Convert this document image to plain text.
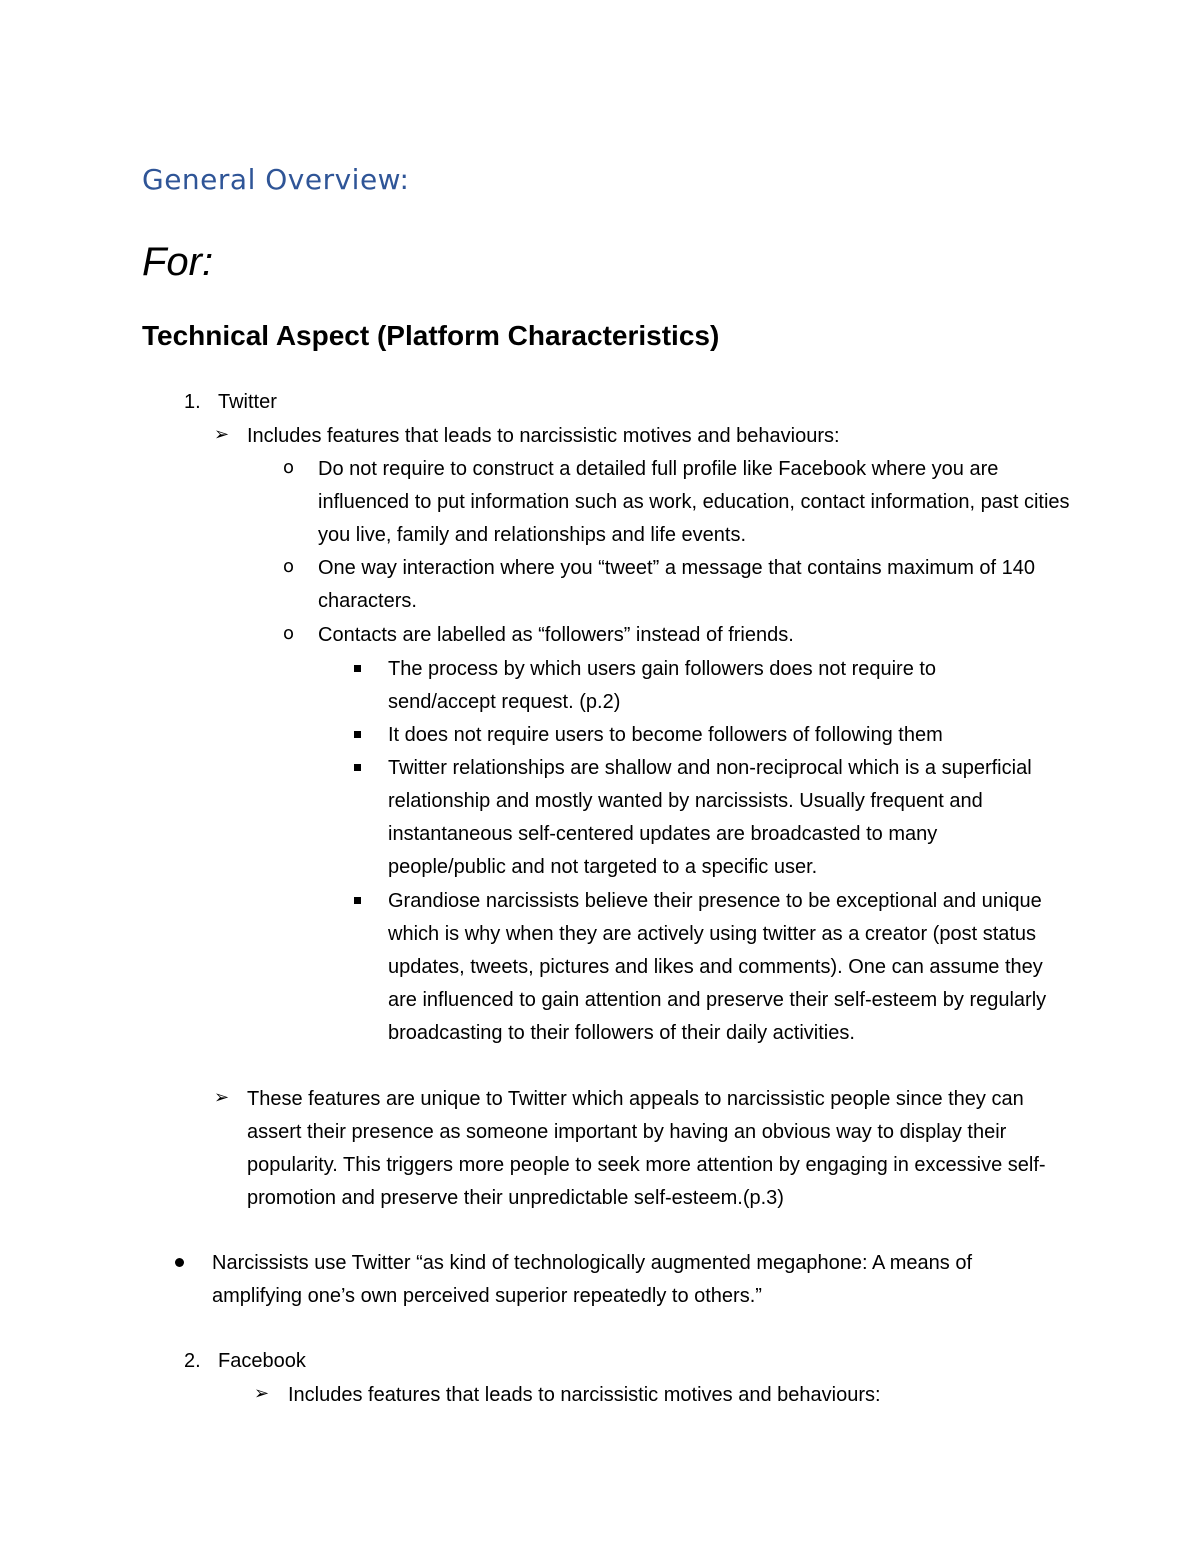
General Overview:
For:
Technical Aspect (Platform Characteristics)
1. Twitter
➢ Includes features that leads to narcissistic motives and behaviours:
o Do not require to construct a detailed full profile like Facebook where you are influenced to put information such as work, education, contact information, past cities you live, family and relationships and life events.
o One way interaction where you “tweet” a message that contains maximum of 140 characters.
o Contacts are labelled as “followers” instead of friends.
The process by which users gain followers does not require to send/accept request. (p.2)
It does not require users to become followers of following them
Twitter relationships are shallow and non-reciprocal which is a superficial relationship and mostly wanted by narcissists. Usually frequent and instantaneous self-centered updates are broadcasted to many people/public and not targeted to a specific user.
Grandiose narcissists believe their presence to be exceptional and unique which is why when they are actively using twitter as a creator (post status updates, tweets, pictures and likes and comments). One can assume they are influenced to gain attention and preserve their self-esteem by regularly broadcasting to their followers of their daily activities.
➢ These features are unique to Twitter which appeals to narcissistic people since they can assert their presence as someone important by having an obvious way to display their popularity. This triggers more people to seek more attention by engaging in excessive self-promotion and preserve their unpredictable self-esteem.(p.3)
Narcissists use Twitter “as kind of technologically augmented megaphone: A means of amplifying one’s own perceived superior repeatedly to others.”
2. Facebook
➢ Includes features that leads to narcissistic motives and behaviours:
